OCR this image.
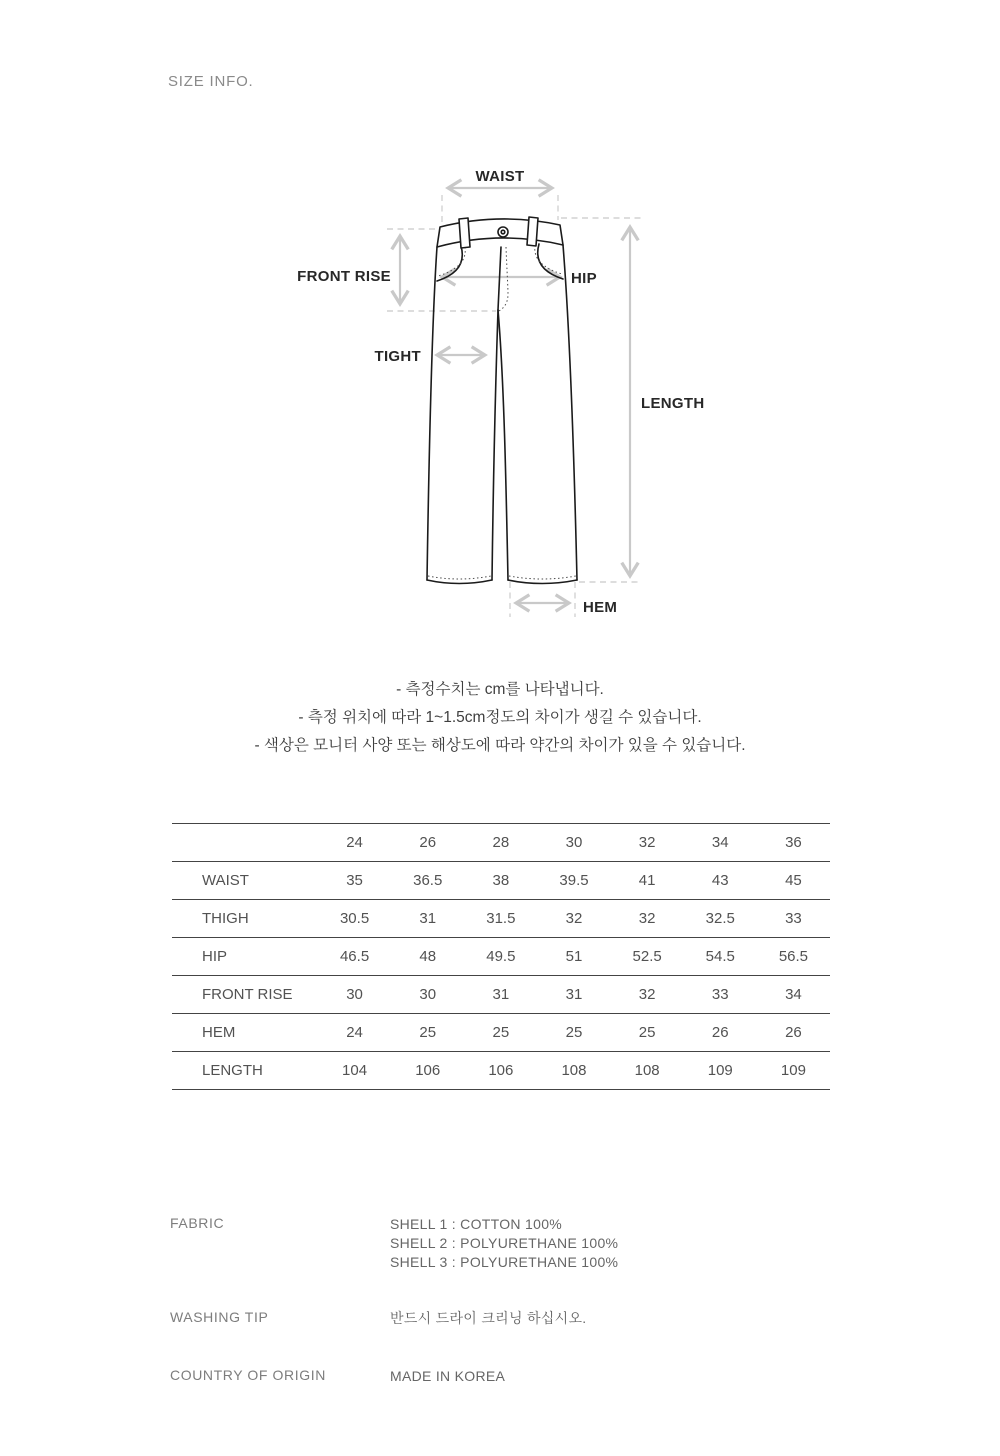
SIZE INFO.
WAIST
FRONT RISE	HIP
TIGHT
LENGTH
HEM
- 측정수치는 cm를 나타냅니다.
- 측정 위치에 따라 1~1.5cm정도의 차이가 생길 수 있습니다.
- 색상은 모니터 사양 또는 해상도에 따라 약간의 차이가 있을 수 있습니다.
	24	26	28	30	32	34	36
WAIST	35	36.5	38	39.5	41	43	45
THIGH	30.5	31	31.5	32	32	32.5	33
HIP	46.5	48	49.5	51	52.5	54.5	56.5
FRONT RISE	30	30	31	31	32	33	34
HEM	24	25	25	25	25	26	26
LENGTH	104	106	106	108	108	109	109
FABRIC	SHELL 1 : COTTON 100%
SHELL 2 : POLYURETHANE 100%
SHELL 3 : POLYURETHANE 100%
WASHING TIP	반드시 드라이 크리닝 하십시오.
COUNTRY OF ORIGIN	MADE IN KOREA
